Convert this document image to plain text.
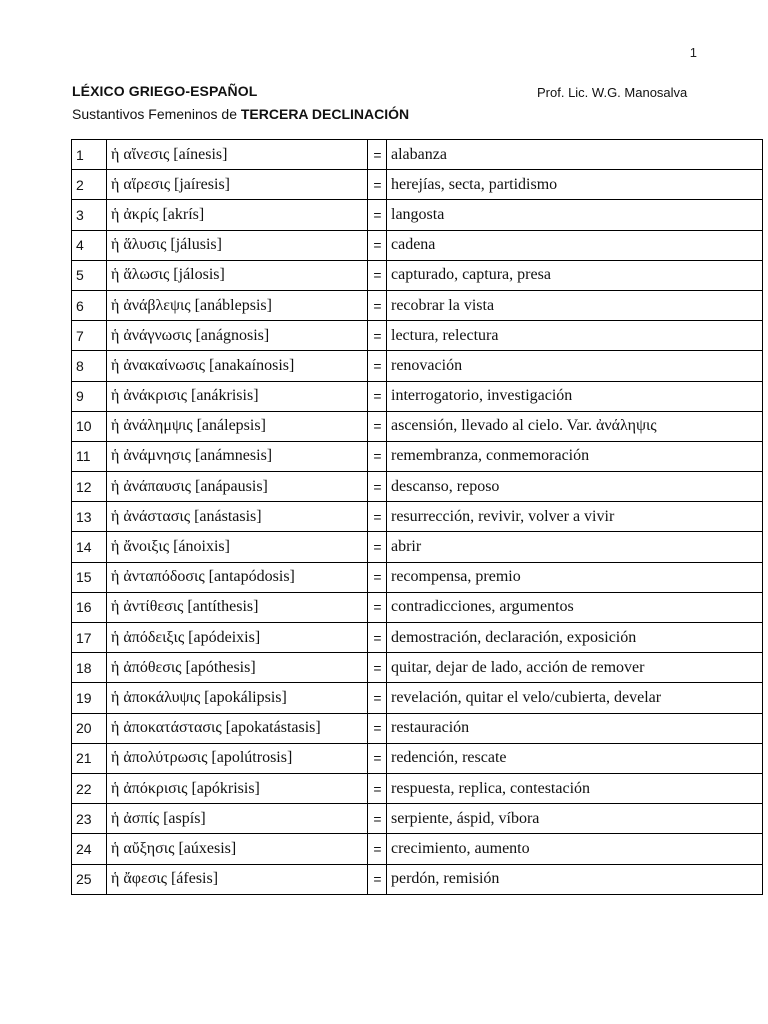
1
LÉXICO GRIEGO-ESPAÑOL	Prof. Lic. W.G. Manosalva
Sustantivos Femeninos de TERCERA DECLINACIÓN
1	ἡ αἴνεσις [aínesis]	=	alabanza
2	ἡ αἵρεσις [jaíresis]	=	herejías, secta, partidismo
3	ἡ ἀκρίς [akrís]	=	langosta
4	ἡ ἅλυσις [jálusis]	=	cadena
5	ἡ ἅλωσις [jálosis]	=	capturado, captura, presa
6	ἡ ἀνάβλεψις [anáblepsis]	=	recobrar la vista
7	ἡ ἀνάγνωσις [anágnosis]	=	lectura, relectura
8	ἡ ἀνακαίνωσις [anakaínosis]	=	renovación
9	ἡ ἀνάκρισις [anákrisis]	=	interrogatorio, investigación
10	ἡ ἀνάλημψις [análepsis]	=	ascensión, llevado al cielo. Var. ἀνάληψις
11	ἡ ἀνάμνησις [anámnesis]	=	remembranza, conmemoración
12	ἡ ἀνάπαυσις [anápausis]	=	descanso, reposo
13	ἡ ἀνάστασις [anástasis]	=	resurrección, revivir, volver a vivir
14	ἡ ἄνοιξις [ánoixis]	=	abrir
15	ἡ ἀνταπόδοσις [antapódosis]	=	recompensa, premio
16	ἡ ἀντίθεσις [antíthesis]	=	contradicciones, argumentos
17	ἡ ἀπόδειξις [apódeixis]	=	demostración, declaración, exposición
18	ἡ ἀπόθεσις [apóthesis]	=	quitar, dejar de lado, acción de remover
19	ἡ ἀποκάλυψις [apokálipsis]	=	revelación, quitar el velo/cubierta, develar
20	ἡ ἀποκατάστασις [apokatástasis]	=	restauración
21	ἡ ἀπολύτρωσις [apolútrosis]	=	redención, rescate
22	ἡ ἀπόκρισις [apókrisis]	=	respuesta, replica, contestación
23	ἡ ἀσπίς [aspís]	=	serpiente, áspid, víbora
24	ἡ αὔξησις [aúxesis]	=	crecimiento, aumento
25	ἡ ἄφεσις [áfesis]	=	perdón, remisión
